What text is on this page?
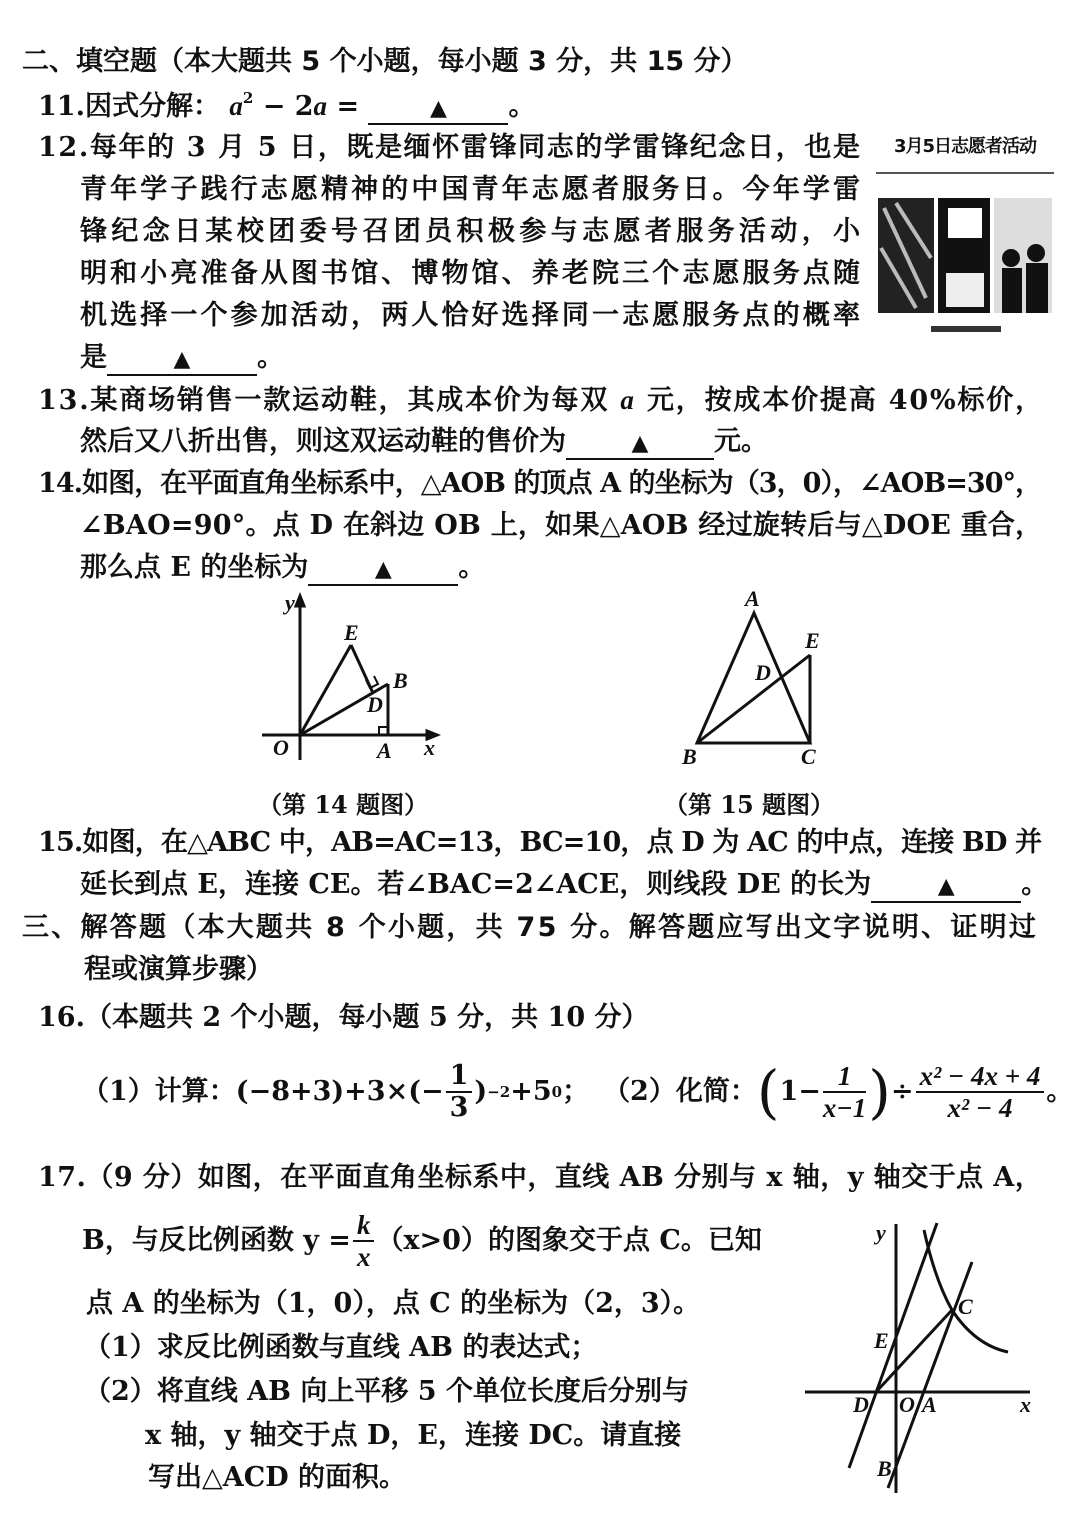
二、填空题（本大题共 5 个小题，每小题 3 分，共 15 分）
11.因式分解： $a^2 - 2a$ =	▲ 。
12.每年的 3 月 5 日，既是缅怀雷锋同志的学雷锋纪念日，也是
青年学子践行志愿精神的中国青年志愿者服务日。今年学雷
锋纪念日某校团委号召团员积极参与志愿者服务活动，小
明和小亮准备从图书馆、博物馆、养老院三个志愿服务点随
机选择一个参加活动，两人恰好选择同一志愿服务点的概率
是	▲ 。
3月5日志愿者活动
13.某商场销售一款运动鞋，其成本价为每双 a 元，按成本价提高 40%标价，
然后又八折出售，则这双运动鞋的售价为	▲ 元。
14.如图，在平面直角坐标系中，△AOB 的顶点 A 的坐标为（3，0），∠AOB=30°，
∠BAO=90°。点 D 在斜边 OB 上，如果△AOB 经过旋转后与△DOE 重合，
那么点 E 的坐标为	▲ 。
y
E
B
D
O	A x
（第 14 题图）
A
E
D
B	C
（第 15 题图）
15.如图，在△ABC 中，AB=AC=13，BC=10，点 D 为 AC 的中点，连接 BD 并
延长到点 E，连接 CE。若∠BAC=2∠ACE，则线段 DE 的长为	▲ 。
三、解答题（本大题共 8 个小题，共 75 分。解答题应写出文字说明、证明过
程或演算步骤）
16.（本题共 2 个小题，每小题 5 分，共 10 分）
（1）计算： $(-8+3)+3\times(- \frac{1}{3}$ ) −2 +5 0 ； （2）化简： ( $1- \frac{1}{x-1}$ ) ÷ $\frac{\text{x² − 4x + 4}}{\text{x² − 4}}$ 。
17.（9 分）如图，在平面直角坐标系中，直线 AB 分别与 x 轴，y 轴交于点 A，
B，与反比例函数 $y = \frac{k}{x} (x>0)$的图象交于点 C。已知
点 A 的坐标为（1，0），点 C 的坐标为（2，3）。
（1）求反比例函数与直线 AB 的表达式；
（2）将直线 AB 向上平移 5 个单位长度后分别与
x 轴，y 轴交于点 D，E，连接 DC。请直接
写出△ACD 的面积。
y
C
E
D O A	x
B
